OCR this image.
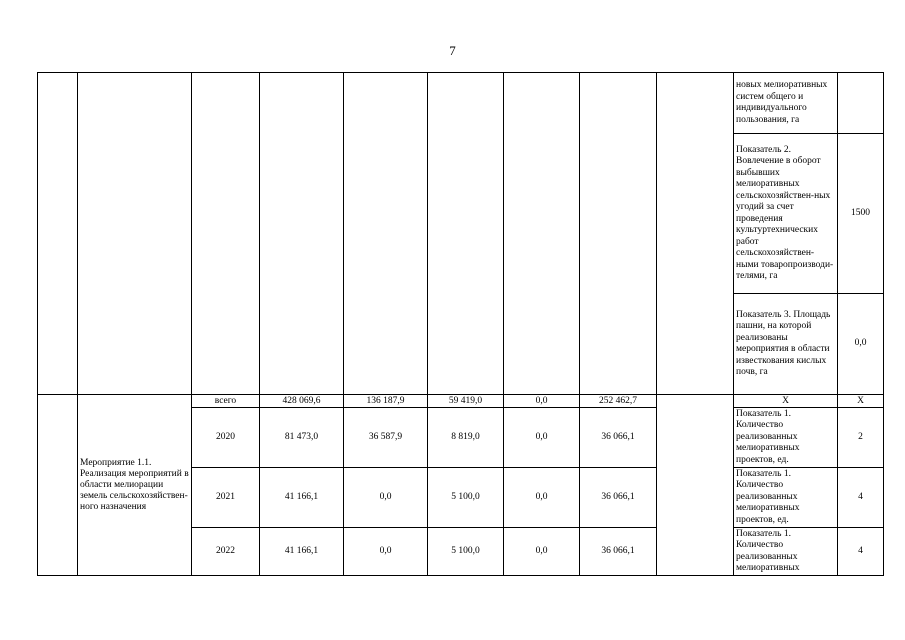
7
									новых мелиоративных систем общего и индивидуального пользования, га	
									Показатель 2. Вовлечение в оборот выбывших мелиоративных сельскохозяйствен-ных угодий за счет проведения культуртехнических работ сельскохозяйствен-ными товаропроизводи-телями, га	1500
									Показатель 3. Площадь пашни, на которой реализованы мероприятия в области известкования кислых почв, га	0,0
	Мероприятие 1.1. Реализация мероприятий в области мелиорации земель сельскохозяйствен-ного назначения	всего	428 069,6	136 187,9	59 419,0	0,0	252 462,7		Х	Х
		2020	81 473,0	36 587,9	8 819,0	0,0	36 066,1		Показатель 1. Количество реализованных мелиоративных проектов, ед.	2
		2021	41 166,1	0,0	5 100,0	0,0	36 066,1		Показатель 1. Количество реализованных мелиоративных проектов, ед.	4
		2022	41 166,1	0,0	5 100,0	0,0	36 066,1		Показатель 1. Количество реализованных мелиоративных	4
